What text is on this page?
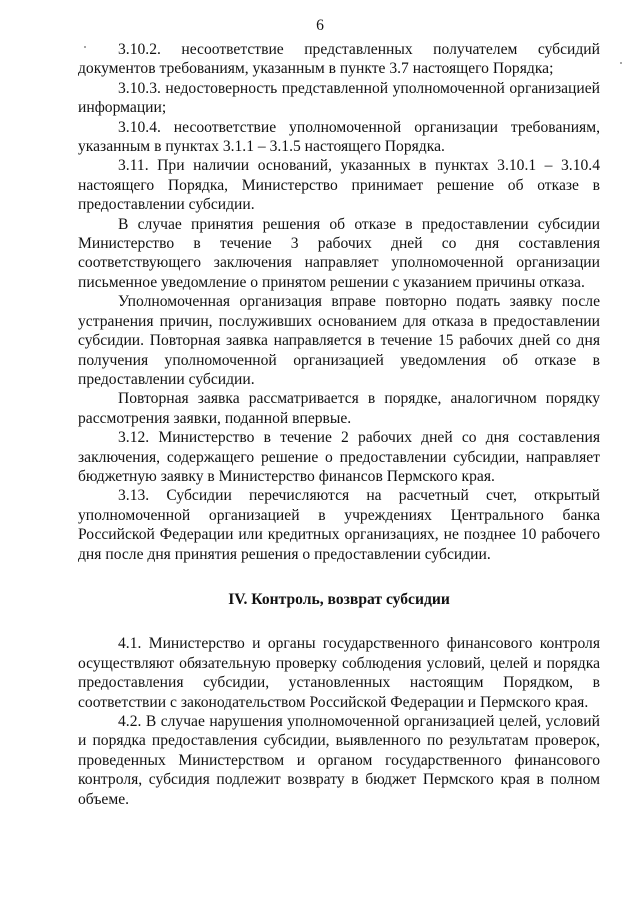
6

3.10.2. несоответствие представленных получателем субсидий документов требованиям, указанным в пункте 3.7 настоящего Порядка;

3.10.3. недостоверность представленной уполномоченной организацией информации;

3.10.4. несоответствие уполномоченной организации требованиям, указанным в пунктах 3.1.1 – 3.1.5 настоящего Порядка.

3.11. При наличии оснований, указанных в пунктах 3.10.1 – 3.10.4 настоящего Порядка, Министерство принимает решение об отказе в предоставлении субсидии.

В случае принятия решения об отказе в предоставлении субсидии Министерство в течение 3 рабочих дней со дня составления соответствующего заключения направляет уполномоченной организации письменное уведомление о принятом решении с указанием причины отказа.

Уполномоченная организация вправе повторно подать заявку после устранения причин, послуживших основанием для отказа в предоставлении субсидии. Повторная заявка направляется в течение 15 рабочих дней со дня получения уполномоченной организацией уведомления об отказе в предоставлении субсидии.

Повторная заявка рассматривается в порядке, аналогичном порядку рассмотрения заявки, поданной впервые.

3.12. Министерство в течение 2 рабочих дней со дня составления заключения, содержащего решение о предоставлении субсидии, направляет бюджетную заявку в Министерство финансов Пермского края.

3.13. Субсидии перечисляются на расчетный счет, открытый уполномоченной организацией в учреждениях Центрального банка Российской Федерации или кредитных организациях, не позднее 10 рабочего дня после дня принятия решения о предоставлении субсидии.

IV. Контроль, возврат субсидии

4.1. Министерство и органы государственного финансового контроля осуществляют обязательную проверку соблюдения условий, целей и порядка предоставления субсидии, установленных настоящим Порядком, в соответствии с законодательством Российской Федерации и Пермского края.

4.2. В случае нарушения уполномоченной организацией целей, условий и порядка предоставления субсидии, выявленного по результатам проверок, проведенных Министерством и органом государственного финансового контроля, субсидия подлежит возврату в бюджет Пермского края в полном объеме.
